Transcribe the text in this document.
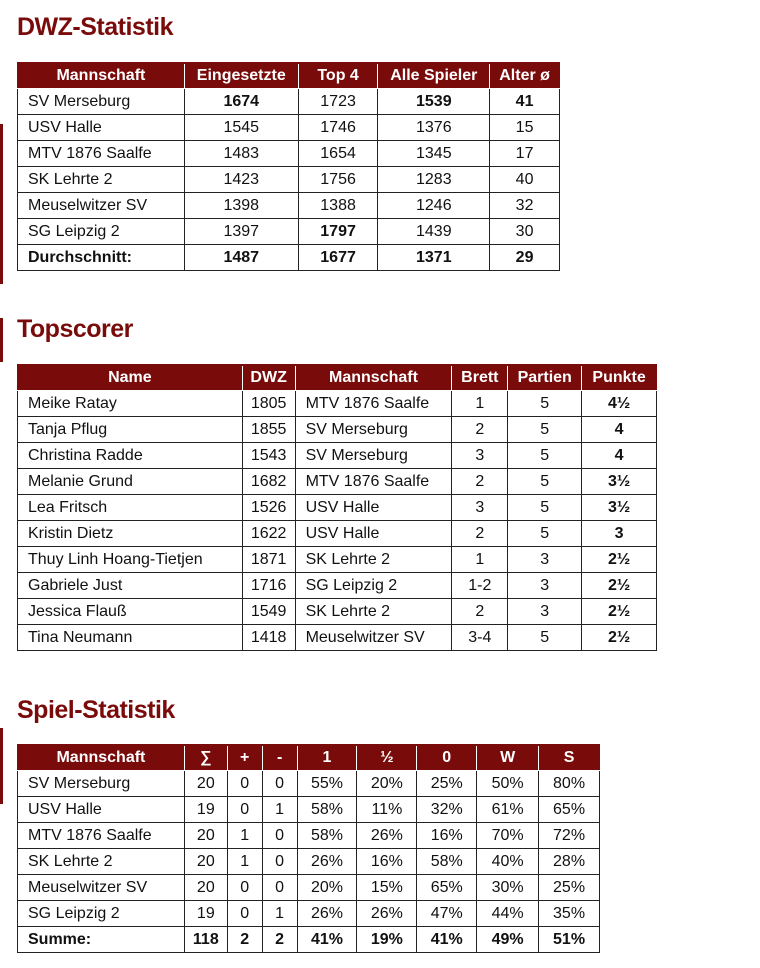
DWZ-Statistik
Mannschaft	Eingesetzte	Top 4	Alle Spieler	Alter ø
SV Merseburg	1674	1723	1539	41
USV Halle	1545	1746	1376	15
MTV 1876 Saalfe	1483	1654	1345	17
SK Lehrte 2	1423	1756	1283	40
Meuselwitzer SV	1398	1388	1246	32
SG Leipzig 2	1397	1797	1439	30
Durchschnitt:	1487	1677	1371	29
Topscorer
Name	DWZ	Mannschaft	Brett	Partien	Punkte
Meike Ratay	1805	MTV 1876 Saalfe	1	5	4½
Tanja Pflug	1855	SV Merseburg	2	5	4
Christina Radde	1543	SV Merseburg	3	5	4
Melanie Grund	1682	MTV 1876 Saalfe	2	5	3½
Lea Fritsch	1526	USV Halle	3	5	3½
Kristin Dietz	1622	USV Halle	2	5	3
Thuy Linh Hoang-Tietjen	1871	SK Lehrte 2	1	3	2½
Gabriele Just	1716	SG Leipzig 2	1-2	3	2½
Jessica Flauß	1549	SK Lehrte 2	2	3	2½
Tina Neumann	1418	Meuselwitzer SV	3-4	5	2½
Spiel-Statistik
Mannschaft	∑	+	-	1	½	0	W	S
SV Merseburg	20	0	0	55%	20%	25%	50%	80%
USV Halle	19	0	1	58%	11%	32%	61%	65%
MTV 1876 Saalfe	20	1	0	58%	26%	16%	70%	72%
SK Lehrte 2	20	1	0	26%	16%	58%	40%	28%
Meuselwitzer SV	20	0	0	20%	15%	65%	30%	25%
SG Leipzig 2	19	0	1	26%	26%	47%	44%	35%
Summe:	118	2	2	41%	19%	41%	49%	51%
